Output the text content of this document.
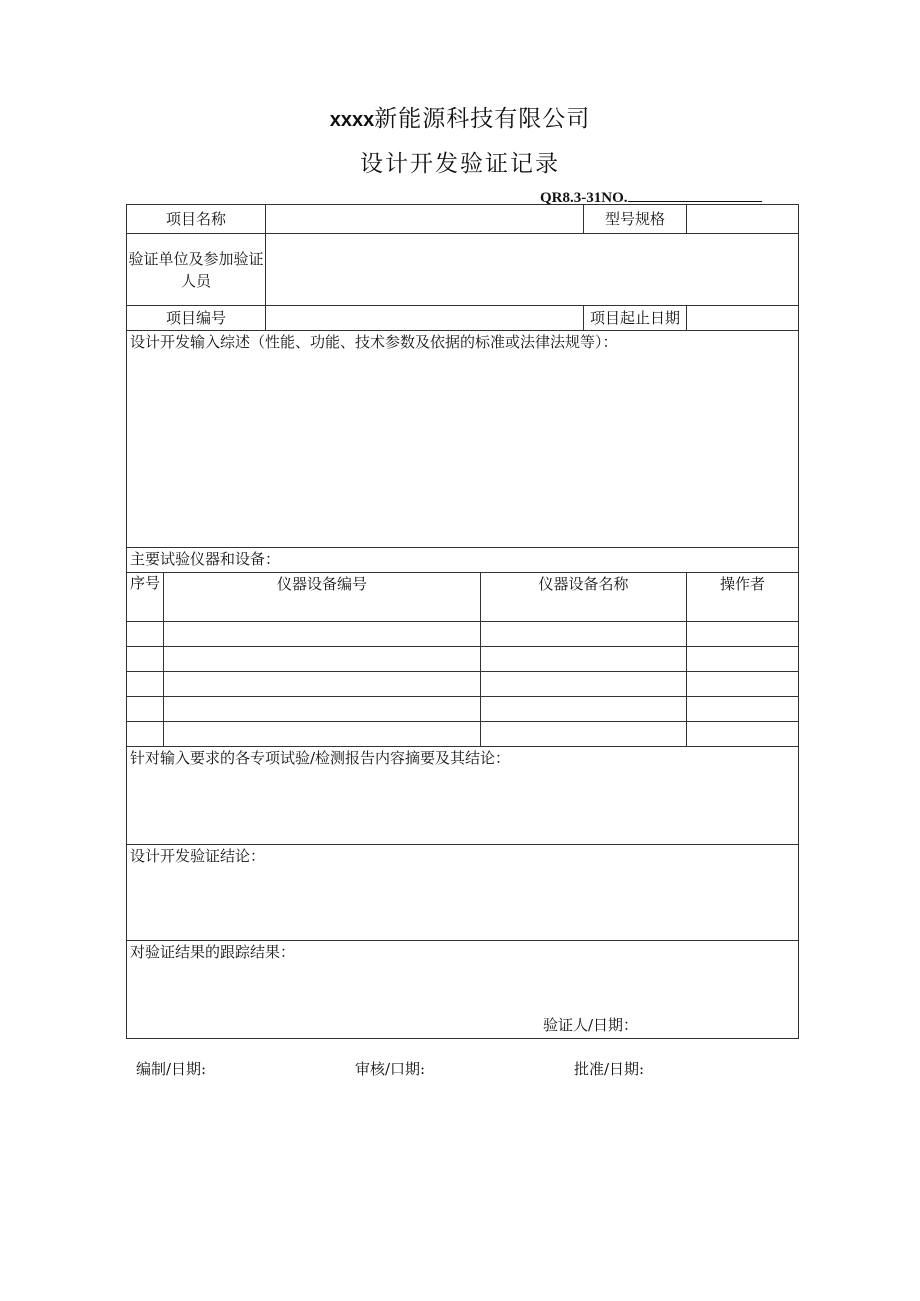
xxxx新能源科技有限公司
设计开发验证记录
QR8.3-31NO.
项目名称				型号规格	
验证单位及参加验证人员					
项目编号				项目起止日期	
设计开发输入综述（性能、功能、技术参数及依据的标准或法律法规等）：					
主要试验仪器和设备：					
序号	仪器设备编号		仪器设备名称		操作者

针对输入要求的各专项试验/检测报告内容摘要及其结论：					
设计开发验证结论：					
对验证结果的跟踪结果：
验证人/日期：					
编制/日期:	审核/口期:	批准/日期:
